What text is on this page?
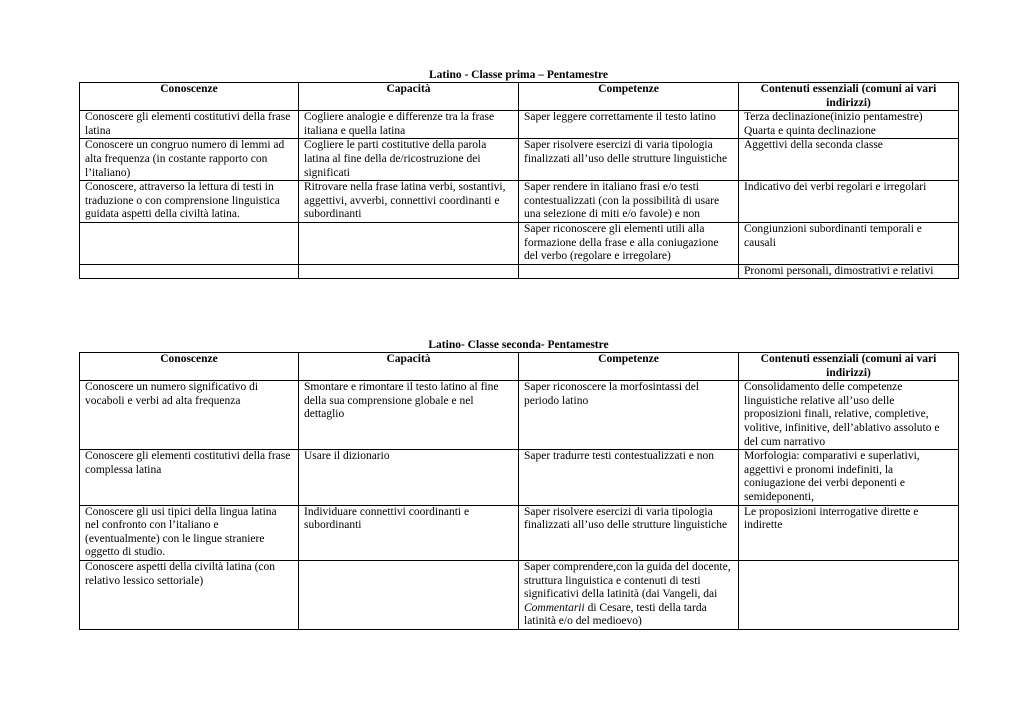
Latino - Classe prima – Pentamestre
Conoscenze	Capacità	Competenze	Contenuti essenziali (comuni ai vari indirizzi)
Conoscere gli elementi costitutivi della frase latina	Cogliere analogie e differenze tra la frase italiana e quella latina	Saper leggere correttamente il testo latino	Terza declinazione(inizio pentamestre) Quarta e quinta declinazione
Conoscere un congruo numero di lemmi ad alta frequenza (in costante rapporto con l’italiano)	Cogliere le parti costitutive della parola latina al fine della de/ricostruzione dei significati	Saper risolvere esercizi di varia tipologia finalizzati all’uso delle strutture linguistiche	Aggettivi della seconda classe
Conoscere, attraverso la lettura di testi in traduzione o con comprensione linguistica guidata aspetti della civiltà latina.	Ritrovare nella frase latina verbi, sostantivi, aggettivi, avverbi, connettivi coordinanti e subordinanti	Saper rendere in italiano frasi e/o testi contestualizzati (con la possibilità di usare una selezione di miti e/o favole) e non	Indicativo dei verbi regolari e irregolari
		Saper riconoscere gli elementi utili alla formazione della frase e alla coniugazione del verbo (regolare e irregolare)	Congiunzioni subordinanti temporali e causali
			Pronomi personali, dimostrativi e relativi
Latino- Classe seconda- Pentamestre
Conoscenze	Capacità	Competenze	Contenuti essenziali (comuni ai vari indirizzi)
Conoscere un numero significativo di vocaboli e verbi ad alta frequenza	Smontare e rimontare il testo latino al fine della sua comprensione globale e nel dettaglio	Saper riconoscere la morfosintassi del periodo latino	Consolidamento delle competenze linguistiche relative all’uso delle proposizioni finali, relative, completive, volitive, infinitive, dell’ablativo assoluto e del cum narrativo
Conoscere gli elementi costitutivi della frase complessa latina	Usare il dizionario	Saper tradurre testi contestualizzati e non	Morfologia: comparativi e superlativi, aggettivi e pronomi indefiniti, la coniugazione dei verbi deponenti e semideponenti,
Conoscere gli usi tipici della lingua latina nel confronto con l’italiano e (eventualmente) con le lingue straniere oggetto di studio.	Individuare connettivi coordinanti e subordinanti	Saper risolvere esercizi di varia tipologia finalizzati all’uso delle strutture linguistiche	Le proposizioni interrogative dirette e indirette
Conoscere aspetti della civiltà latina (con relativo lessico settoriale)		Saper comprendere,con la guida del docente, struttura linguistica e contenuti di testi significativi della latinità (dai Vangeli, dai Commentarii di Cesare, testi della tarda latinità e/o del medioevo)	
